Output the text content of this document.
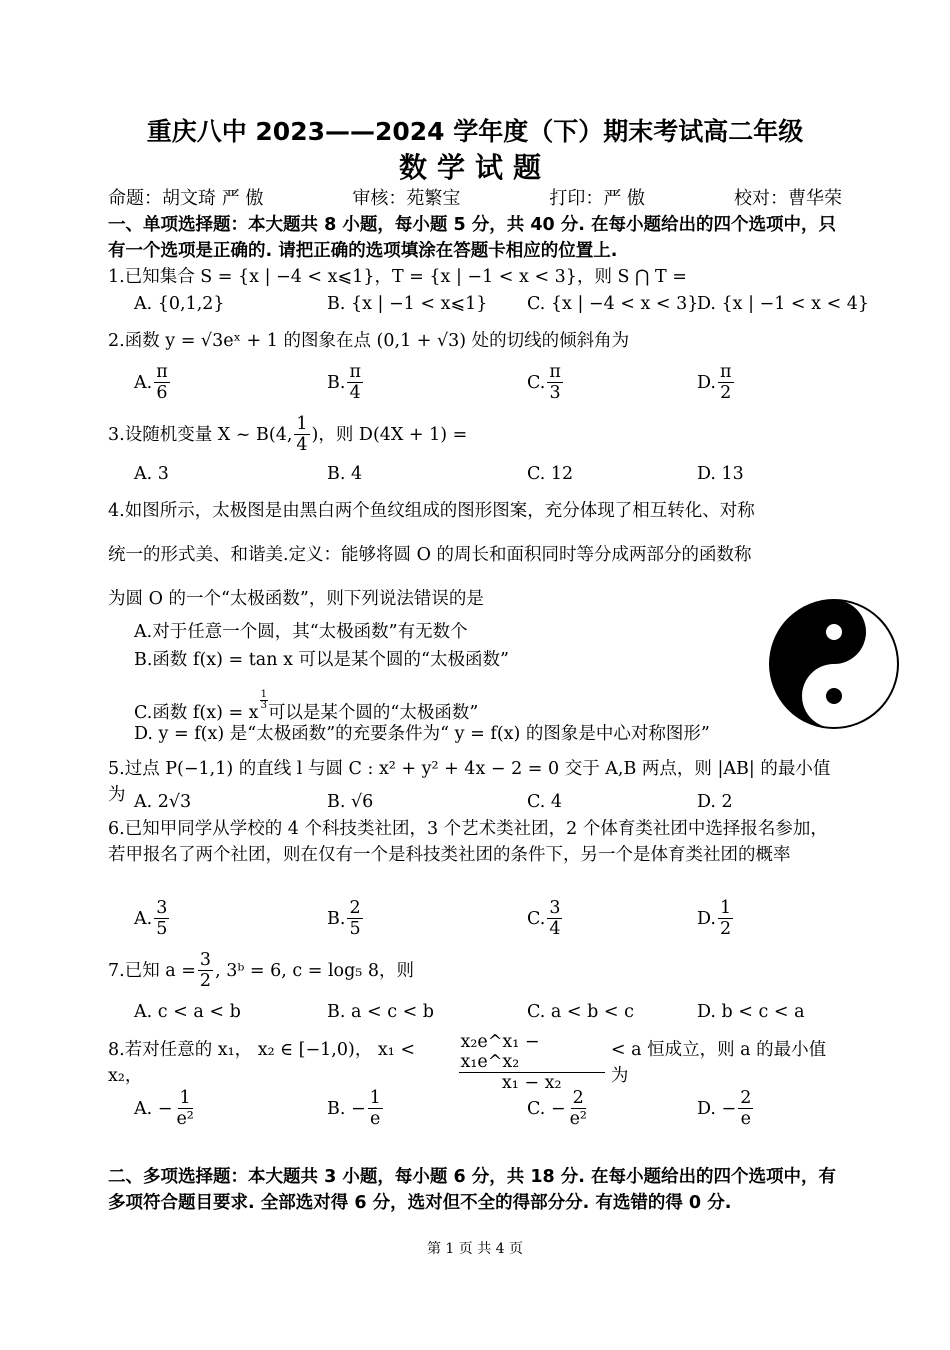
重庆八中 2023——2024 学年度（下）期末考试高二年级
数学试题
命题：胡文琦 严 傲	审核：苑繁宝	打印：严 傲	校对：曹华荣
一、单项选择题：本大题共 8 小题，每小题 5 分，共 40 分. 在每小题给出的四个选项中，只有一个选项是正确的. 请把正确的选项填涂在答题卡相应的位置上.
1.已知集合 S = {x | −4 < x⩽1}，T = {x | −1 < x < 3}，则 S ⋂ T =
A. {0,1,2}	B. {x | −1 < x⩽1} C. {x | −4 < x < 3}
D. {x | −1 < x < 4}
2.函数 y = √3eˣ + 1 的图象在点 (0,1 + √3) 处的切线的倾斜角为
A. $\frac{\pi}{6}$	B. $\frac{\pi}{4}$	C. $\frac{\pi}{3}$	D. $\frac{\pi}{2}$
3.设随机变量 X ~ B(4, $\frac{1}{4}$ )，则 D(4X + 1) =
A. 3	B. 4	C. 12	D. 13
4.如图所示，太极图是由黑白两个鱼纹组成的图形图案，充分体现了相互转化、对称
统一的形式美、和谐美.定义：能够将圆 O 的周长和面积同时等分成两部分的函数称
为圆 O 的一个“太极函数”，则下列说法错误的是
A.对于任意一个圆，其“太极函数”有无数个
B.函数 f(x) = tan x 可以是某个圆的“太极函数”
C.函数 f(x) = x
1
3 可以是某个圆的“太极函数”
D. y = f(x) 是“太极函数”的充要条件为“ y = f(x) 的图象是中心对称图形”
5.过点 P(−1,1) 的直线 l 与圆 C : x² + y² + 4x − 2 = 0 交于 A,B 两点，则 |AB| 的最小值为 A. 2√3	B. √6	C. 4	D. 2
6.已知甲同学从学校的 4 个科技类社团，3 个艺术类社团，2 个体育类社团中选择报名参加，若甲报名了两个社团，则在仅有一个是科技类社团的条件下，另一个是体育类社团的概率
A. $\frac{3}{5}$	B. $\frac{2}{5}$	C. $\frac{3}{4}$	D. $\frac{1}{2}$
7.已知 $a = \frac{3}{2}$ , 3ᵇ = 6, c = log₅ 8，则
A. c < a < b	B. a < c < b	C. a < b < c	D. b < c < a
8.若对任意的 x₁， x₂ ∈ [−1,0)， x₁ < x₂，	$\frac{\text{x₂e\textasciicircum{}x₁ − x₁e\textasciicircum{}x₂}}{\text{x₁ − x₂}} < a$ 恒成立，则 a 的最小值为
A. − $\frac{1}{\text{e²}}$	B. − $\frac{1}{e}$	C. − $\frac{2}{\text{e²}}$	D. − $\frac{2}{e}$
二、多项选择题：本大题共 3 小题，每小题 6 分，共 18 分. 在每小题给出的四个选项中，有多项符合题目要求. 全部选对得 6 分，选对但不全的得部分分. 有选错的得 0 分.
第 1 页 共 4 页
